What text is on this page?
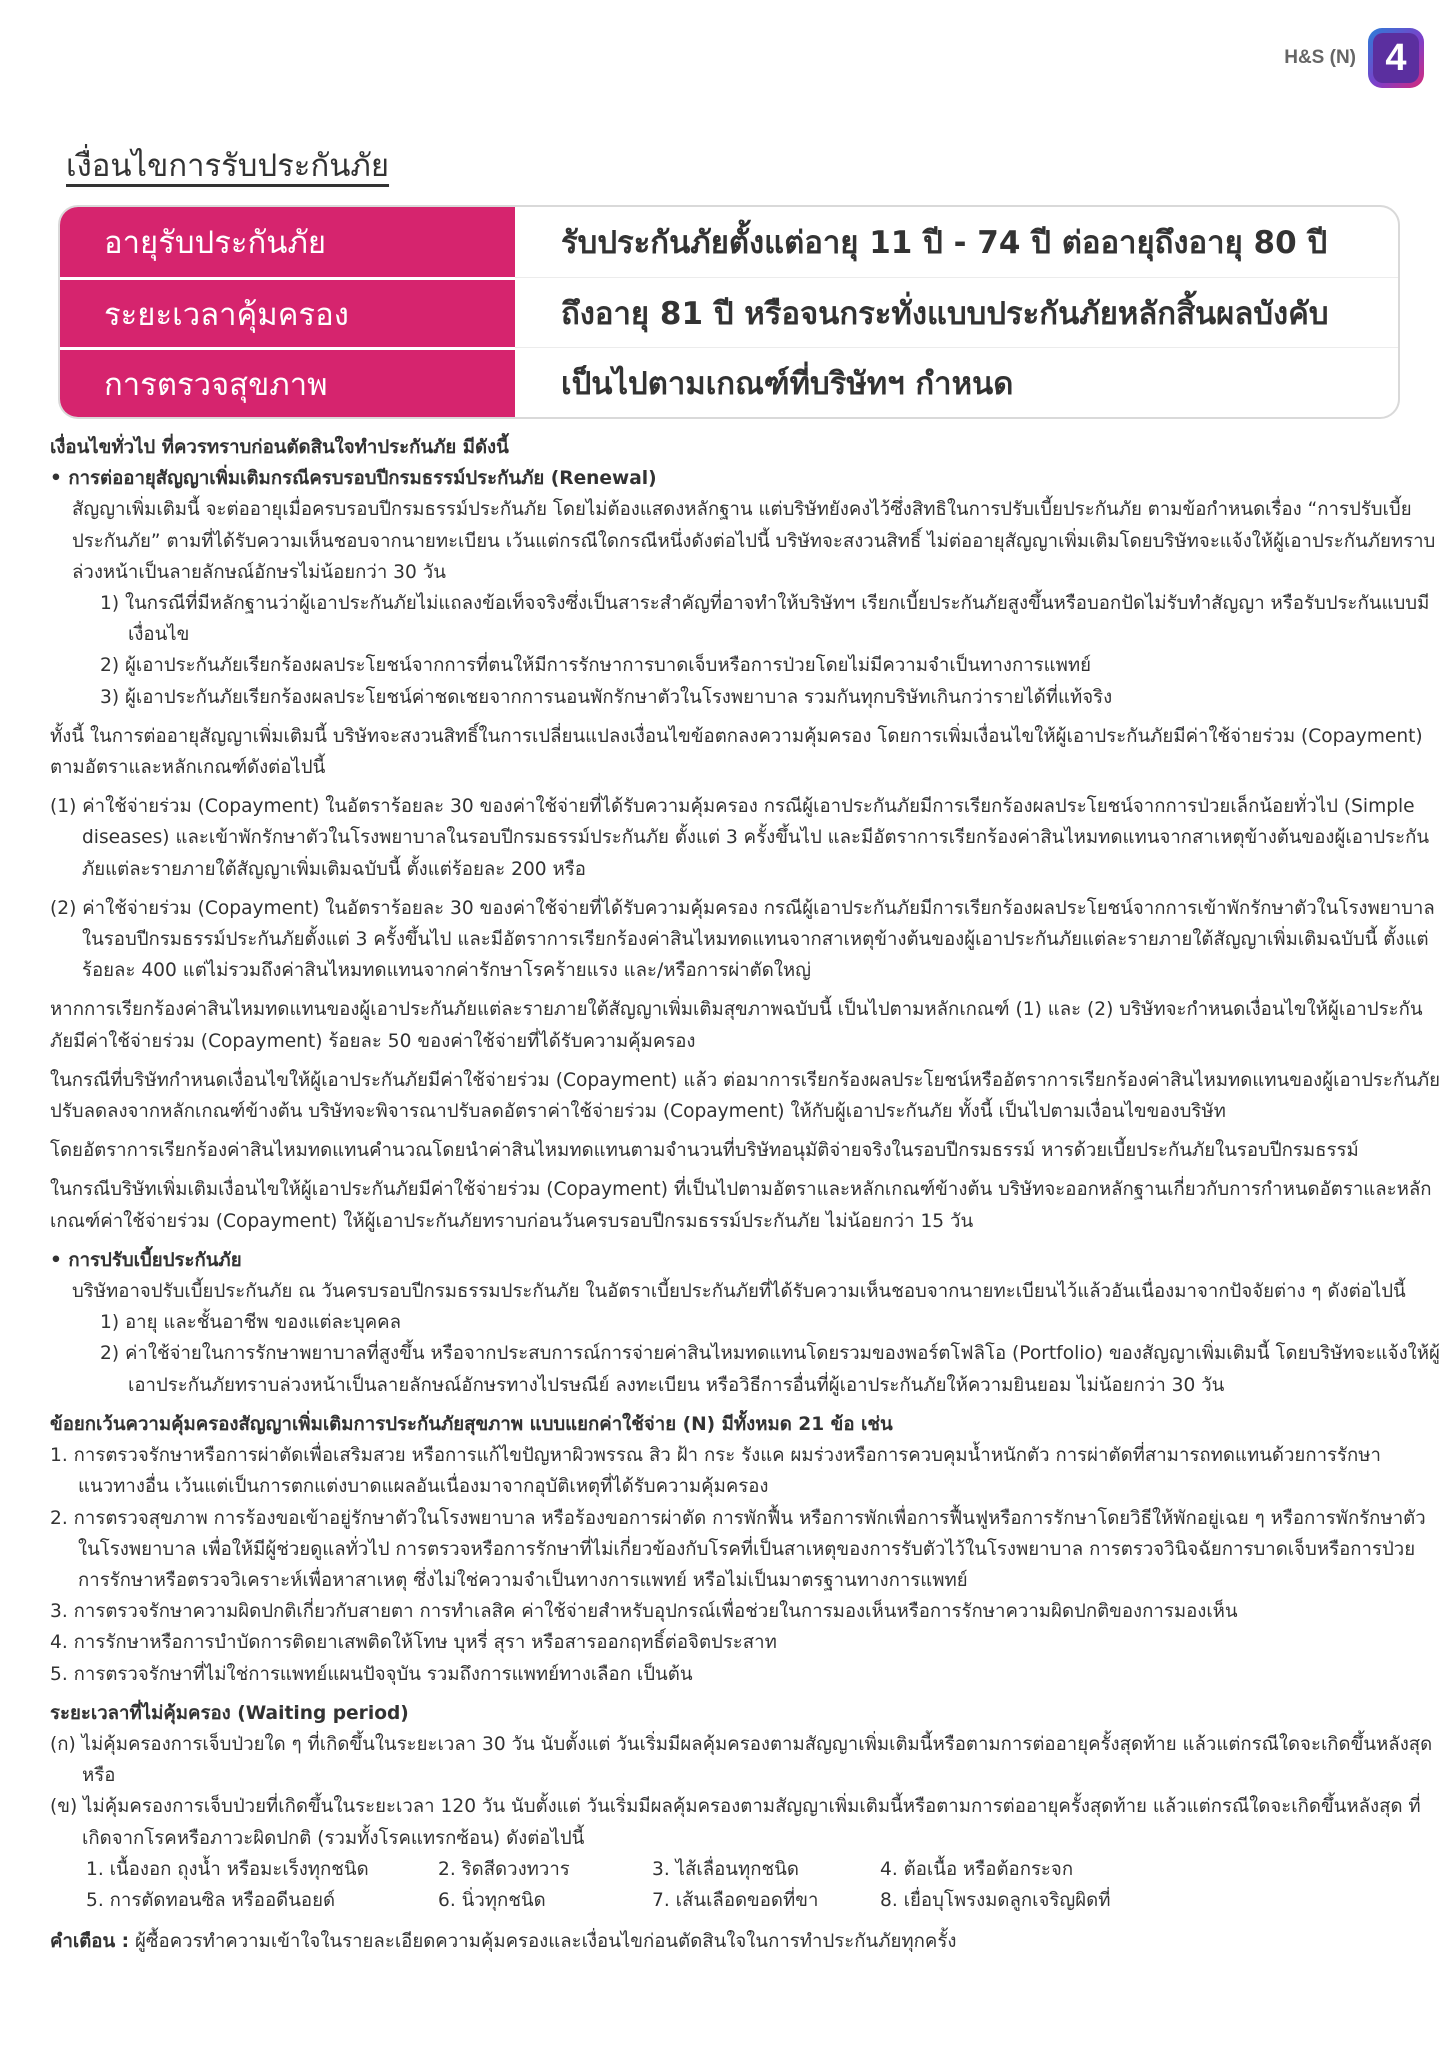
H&S (N) 4
เงื่อนไขการรับประกันภัย
อายุรับประกันภัย	รับประกันภัยตั้งแต่อายุ 11 ปี - 74 ปี ต่ออายุถึงอายุ 80 ปี
ระยะเวลาคุ้มครอง	ถึงอายุ 81 ปี หรือจนกระทั่งแบบประกันภัยหลักสิ้นผลบังคับ
การตรวจสุขภาพ	เป็นไปตามเกณฑ์ที่บริษัทฯ กำหนด

เงื่อนไขทั่วไป ที่ควรทราบก่อนตัดสินใจทำประกันภัย มีดังนี้

• การต่ออายุสัญญาเพิ่มเติมกรณีครบรอบปีกรมธรรม์ประกันภัย (Renewal)

สัญญาเพิ่มเติมนี้ จะต่ออายุเมื่อครบรอบปีกรมธรรม์ประกันภัย โดยไม่ต้องแสดงหลักฐาน แต่บริษัทยังคงไว้ซึ่งสิทธิในการปรับเบี้ยประกันภัย ตามข้อกำหนดเรื่อง “การปรับเบี้ยประกันภัย” ตามที่ได้รับความเห็นชอบจากนายทะเบียน เว้นแต่กรณีใดกรณีหนึ่งดังต่อไปนี้ บริษัทจะสงวนสิทธิ์ ไม่ต่ออายุสัญญาเพิ่มเติมโดยบริษัทจะแจ้งให้ผู้เอาประกันภัยทราบล่วงหน้าเป็นลายลักษณ์อักษรไม่น้อยกว่า 30 วัน

1) ในกรณีที่มีหลักฐานว่าผู้เอาประกันภัยไม่แถลงข้อเท็จจริงซึ่งเป็นสาระสำคัญที่อาจทำให้บริษัทฯ เรียกเบี้ยประกันภัยสูงขึ้นหรือบอกปัดไม่รับทำสัญญา หรือรับประกันแบบมีเงื่อนไข

2) ผู้เอาประกันภัยเรียกร้องผลประโยชน์จากการที่ตนให้มีการรักษาการบาดเจ็บหรือการป่วยโดยไม่มีความจำเป็นทางการแพทย์

3) ผู้เอาประกันภัยเรียกร้องผลประโยชน์ค่าชดเชยจากการนอนพักรักษาตัวในโรงพยาบาล รวมกันทุกบริษัทเกินกว่ารายได้ที่แท้จริง

ทั้งนี้ ในการต่ออายุสัญญาเพิ่มเติมนี้ บริษัทจะสงวนสิทธิ์ในการเปลี่ยนแปลงเงื่อนไขข้อตกลงความคุ้มครอง โดยการเพิ่มเงื่อนไขให้ผู้เอาประกันภัยมีค่าใช้จ่ายร่วม (Copayment) ตามอัตราและหลักเกณฑ์ดังต่อไปนี้

(1) ค่าใช้จ่ายร่วม (Copayment) ในอัตราร้อยละ 30 ของค่าใช้จ่ายที่ได้รับความคุ้มครอง กรณีผู้เอาประกันภัยมีการเรียกร้องผลประโยชน์จากการป่วยเล็กน้อยทั่วไป (Simple diseases) และเข้าพักรักษาตัวในโรงพยาบาลในรอบปีกรมธรรม์ประกันภัย ตั้งแต่ 3 ครั้งขึ้นไป และมีอัตราการเรียกร้องค่าสินไหมทดแทนจากสาเหตุข้างต้นของผู้เอาประกันภัยแต่ละรายภายใต้สัญญาเพิ่มเติมฉบับนี้ ตั้งแต่ร้อยละ 200 หรือ

(2) ค่าใช้จ่ายร่วม (Copayment) ในอัตราร้อยละ 30 ของค่าใช้จ่ายที่ได้รับความคุ้มครอง กรณีผู้เอาประกันภัยมีการเรียกร้องผลประโยชน์จากการเข้าพักรักษาตัวในโรงพยาบาล ในรอบปีกรมธรรม์ประกันภัยตั้งแต่ 3 ครั้งขึ้นไป และมีอัตราการเรียกร้องค่าสินไหมทดแทนจากสาเหตุข้างต้นของผู้เอาประกันภัยแต่ละรายภายใต้สัญญาเพิ่มเติมฉบับนี้ ตั้งแต่ร้อยละ 400 แต่ไม่รวมถึงค่าสินไหมทดแทนจากค่ารักษาโรคร้ายแรง และ/หรือการผ่าตัดใหญ่

หากการเรียกร้องค่าสินไหมทดแทนของผู้เอาประกันภัยแต่ละรายภายใต้สัญญาเพิ่มเติมสุขภาพฉบับนี้ เป็นไปตามหลักเกณฑ์ (1) และ (2) บริษัทจะกำหนดเงื่อนไขให้ผู้เอาประกันภัยมีค่าใช้จ่ายร่วม (Copayment) ร้อยละ 50 ของค่าใช้จ่ายที่ได้รับความคุ้มครอง

ในกรณีที่บริษัทกำหนดเงื่อนไขให้ผู้เอาประกันภัยมีค่าใช้จ่ายร่วม (Copayment) แล้ว ต่อมาการเรียกร้องผลประโยชน์หรืออัตราการเรียกร้องค่าสินไหมทดแทนของผู้เอาประกันภัยปรับลดลงจากหลักเกณฑ์ข้างต้น บริษัทจะพิจารณาปรับลดอัตราค่าใช้จ่ายร่วม (Copayment) ให้กับผู้เอาประกันภัย ทั้งนี้ เป็นไปตามเงื่อนไขของบริษัท

โดยอัตราการเรียกร้องค่าสินไหมทดแทนคำนวณโดยนำค่าสินไหมทดแทนตามจำนวนที่บริษัทอนุมัติจ่ายจริงในรอบปีกรมธรรม์ หารด้วยเบี้ยประกันภัยในรอบปีกรมธรรม์

ในกรณีบริษัทเพิ่มเติมเงื่อนไขให้ผู้เอาประกันภัยมีค่าใช้จ่ายร่วม (Copayment) ที่เป็นไปตามอัตราและหลักเกณฑ์ข้างต้น บริษัทจะออกหลักฐานเกี่ยวกับการกำหนดอัตราและหลักเกณฑ์ค่าใช้จ่ายร่วม (Copayment) ให้ผู้เอาประกันภัยทราบก่อนวันครบรอบปีกรมธรรม์ประกันภัย ไม่น้อยกว่า 15 วัน

• การปรับเบี้ยประกันภัย

บริษัทอาจปรับเบี้ยประกันภัย ณ วันครบรอบปีกรมธรรมประกันภัย ในอัตราเบี้ยประกันภัยที่ได้รับความเห็นชอบจากนายทะเบียนไว้แล้วอันเนื่องมาจากปัจจัยต่าง ๆ ดังต่อไปนี้

1) อายุ และชั้นอาชีพ ของแต่ละบุคคล

2) ค่าใช้จ่ายในการรักษาพยาบาลที่สูงขึ้น หรือจากประสบการณ์การจ่ายค่าสินไหมทดแทนโดยรวมของพอร์ตโฟลิโอ (Portfolio) ของสัญญาเพิ่มเติมนี้ โดยบริษัทจะแจ้งให้ผู้เอาประกันภัยทราบล่วงหน้าเป็นลายลักษณ์อักษรทางไปรษณีย์ ลงทะเบียน หรือวิธีการอื่นที่ผู้เอาประกันภัยให้ความยินยอม ไม่น้อยกว่า 30 วัน

ข้อยกเว้นความคุ้มครองสัญญาเพิ่มเติมการประกันภัยสุขภาพ แบบแยกค่าใช้จ่าย (N) มีทั้งหมด 21 ข้อ เช่น

1. การตรวจรักษาหรือการผ่าตัดเพื่อเสริมสวย หรือการแก้ไขปัญหาผิวพรรณ สิว ฝ้า กระ รังแค ผมร่วงหรือการควบคุมน้ำหนักตัว การผ่าตัดที่สามารถทดแทนด้วยการรักษาแนวทางอื่น เว้นแต่เป็นการตกแต่งบาดแผลอันเนื่องมาจากอุบัติเหตุที่ได้รับความคุ้มครอง

2. การตรวจสุขภาพ การร้องขอเข้าอยู่รักษาตัวในโรงพยาบาล หรือร้องขอการผ่าตัด การพักฟื้น หรือการพักเพื่อการฟื้นฟูหรือการรักษาโดยวิธีให้พักอยู่เฉย ๆ หรือการพักรักษาตัวในโรงพยาบาล เพื่อให้มีผู้ช่วยดูแลทั่วไป การตรวจหรือการรักษาที่ไม่เกี่ยวข้องกับโรคที่เป็นสาเหตุของการรับตัวไว้ในโรงพยาบาล การตรวจวินิจฉัยการบาดเจ็บหรือการป่วย การรักษาหรือตรวจวิเคราะห์เพื่อหาสาเหตุ ซึ่งไม่ใช่ความจำเป็นทางการแพทย์ หรือไม่เป็นมาตรฐานทางการแพทย์

3. การตรวจรักษาความผิดปกติเกี่ยวกับสายตา การทำเลสิค ค่าใช้จ่ายสำหรับอุปกรณ์เพื่อช่วยในการมองเห็นหรือการรักษาความผิดปกติของการมองเห็น

4. การรักษาหรือการบำบัดการติดยาเสพติดให้โทษ บุหรี่ สุรา หรือสารออกฤทธิ์ต่อจิตประสาท

5. การตรวจรักษาที่ไม่ใช่การแพทย์แผนปัจจุบัน รวมถึงการแพทย์ทางเลือก เป็นต้น

ระยะเวลาที่ไม่คุ้มครอง (Waiting period)

(ก) ไม่คุ้มครองการเจ็บป่วยใด ๆ ที่เกิดขึ้นในระยะเวลา 30 วัน นับตั้งแต่ วันเริ่มมีผลคุ้มครองตามสัญญาเพิ่มเติมนี้หรือตามการต่ออายุครั้งสุดท้าย แล้วแต่กรณีใดจะเกิดขึ้นหลังสุด หรือ

(ข) ไม่คุ้มครองการเจ็บป่วยที่เกิดขึ้นในระยะเวลา 120 วัน นับตั้งแต่ วันเริ่มมีผลคุ้มครองตามสัญญาเพิ่มเติมนี้หรือตามการต่ออายุครั้งสุดท้าย แล้วแต่กรณีใดจะเกิดขึ้นหลังสุด ที่เกิดจากโรคหรือภาวะผิดปกติ (รวมทั้งโรคแทรกซ้อน) ดังต่อไปนี้

1. เนื้องอก ถุงน้ำ หรือมะเร็งทุกชนิด	2. ริดสีดวงทวาร	3. ไส้เลื่อนทุกชนิด	4. ต้อเนื้อ หรือต้อกระจก
5. การตัดทอนซิล หรืออดีนอยด์	6. นิ่วทุกชนิด	7. เส้นเลือดขอดที่ขา	8. เยื่อบุโพรงมดลูกเจริญผิดที่

คำเตือน : ผู้ซื้อควรทำความเข้าใจในรายละเอียดความคุ้มครองและเงื่อนไขก่อนตัดสินใจในการทำประกันภัยทุกครั้ง
